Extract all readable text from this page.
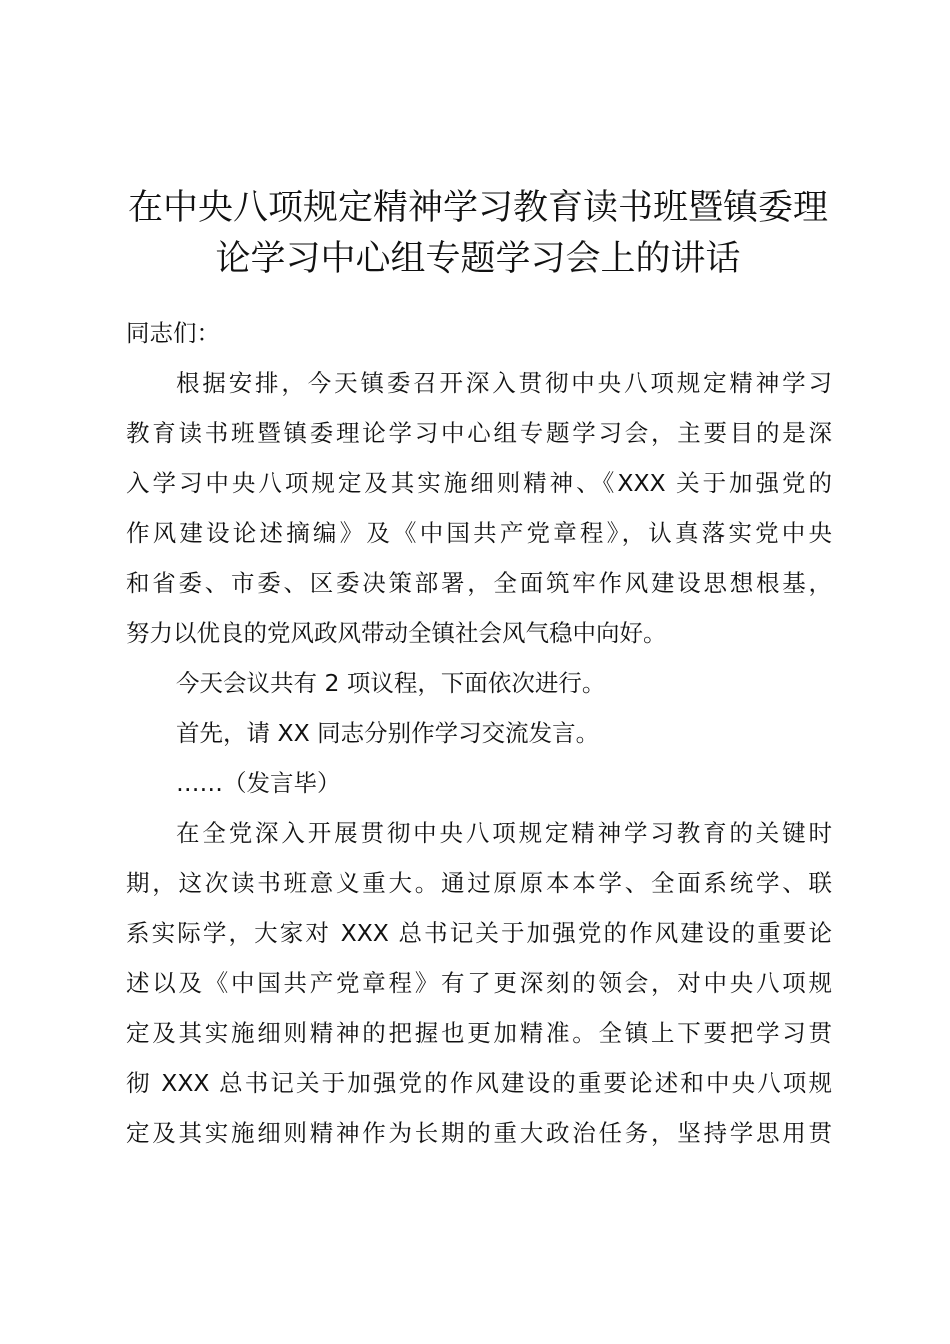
在中央八项规定精神学习教育读书班暨镇委理
论学习中心组专题学习会上的讲话

同志们：

根据安排，今天镇委召开深入贯彻中央八项规定精神学习

教育读书班暨镇委理论学习中心组专题学习会，主要目的是深

入学习中央八项规定及其实施细则精神、《XXX 关于加强党的

作风建设论述摘编》及《中国共产党章程》，认真落实党中央

和省委、市委、区委决策部署，全面筑牢作风建设思想根基，

努力以优良的党风政风带动全镇社会风气稳中向好。

今天会议共有 2 项议程，下面依次进行。

首先，请 XX 同志分别作学习交流发言。

……（发言毕）

在全党深入开展贯彻中央八项规定精神学习教育的关键时

期，这次读书班意义重大。通过原原本本学、全面系统学、联

系实际学，大家对 XXX 总书记关于加强党的作风建设的重要论

述以及《中国共产党章程》有了更深刻的领会，对中央八项规

定及其实施细则精神的把握也更加精准。全镇上下要把学习贯

彻 XXX 总书记关于加强党的作风建设的重要论述和中央八项规

定及其实施细则精神作为长期的重大政治任务，坚持学思用贯
